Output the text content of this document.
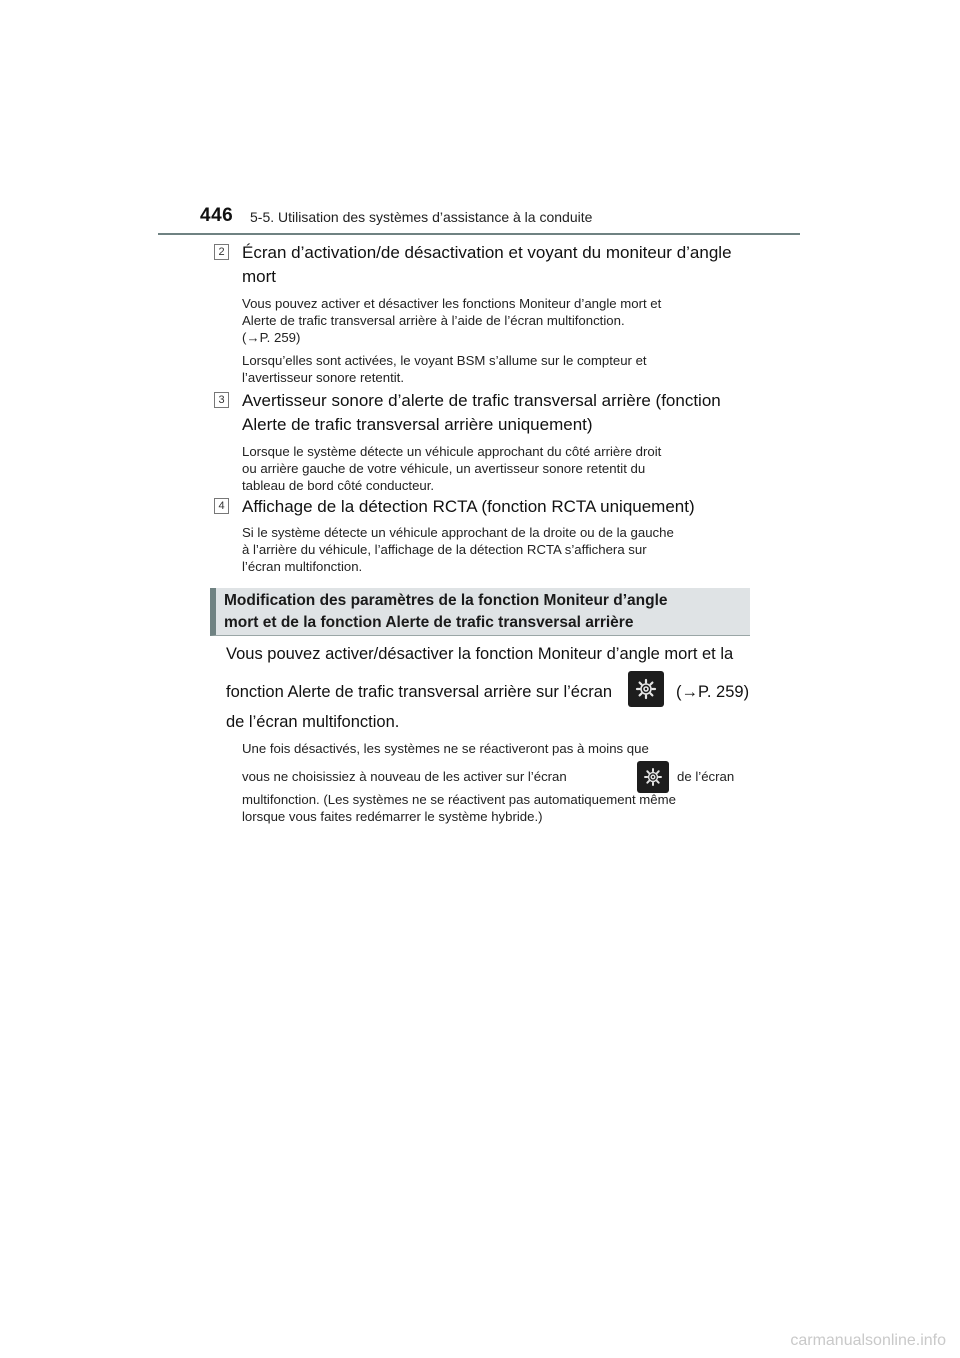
446 5-5. Utilisation des systèmes d’assistance à la conduite
2 Écran d’activation/de désactivation et voyant du moniteur d’angle
mort
Vous pouvez activer et désactiver les fonctions Moniteur d’angle mort et
Alerte de trafic transversal arrière à l’aide de l’écran multifonction.
(→P. 259)
Lorsqu’elles sont activées, le voyant BSM s’allume sur le compteur et
l’avertisseur sonore retentit.
3 Avertisseur sonore d’alerte de trafic transversal arrière (fonction
Alerte de trafic transversal arrière uniquement)
Lorsque le système détecte un véhicule approchant du côté arrière droit
ou arrière gauche de votre véhicule, un avertisseur sonore retentit du
tableau de bord côté conducteur.
4 Affichage de la détection RCTA (fonction RCTA uniquement)
Si le système détecte un véhicule approchant de la droite ou de la gauche
à l’arrière du véhicule, l’affichage de la détection RCTA s’affichera sur
l’écran multifonction.
Modification des paramètres de la fonction Moniteur d’angle
mort et de la fonction Alerte de trafic transversal arrière
Vous pouvez activer/désactiver la fonction Moniteur d’angle mort et la
fonction Alerte de trafic transversal arrière sur l’écran	(→P. 259)
de l’écran multifonction.
Une fois désactivés, les systèmes ne se réactiveront pas à moins que
vous ne choisissiez à nouveau de les activer sur l’écran	de l’écran
multifonction. (Les systèmes ne se réactivent pas automatiquement même
lorsque vous faites redémarrer le système hybride.)
carmanualsonline.info
